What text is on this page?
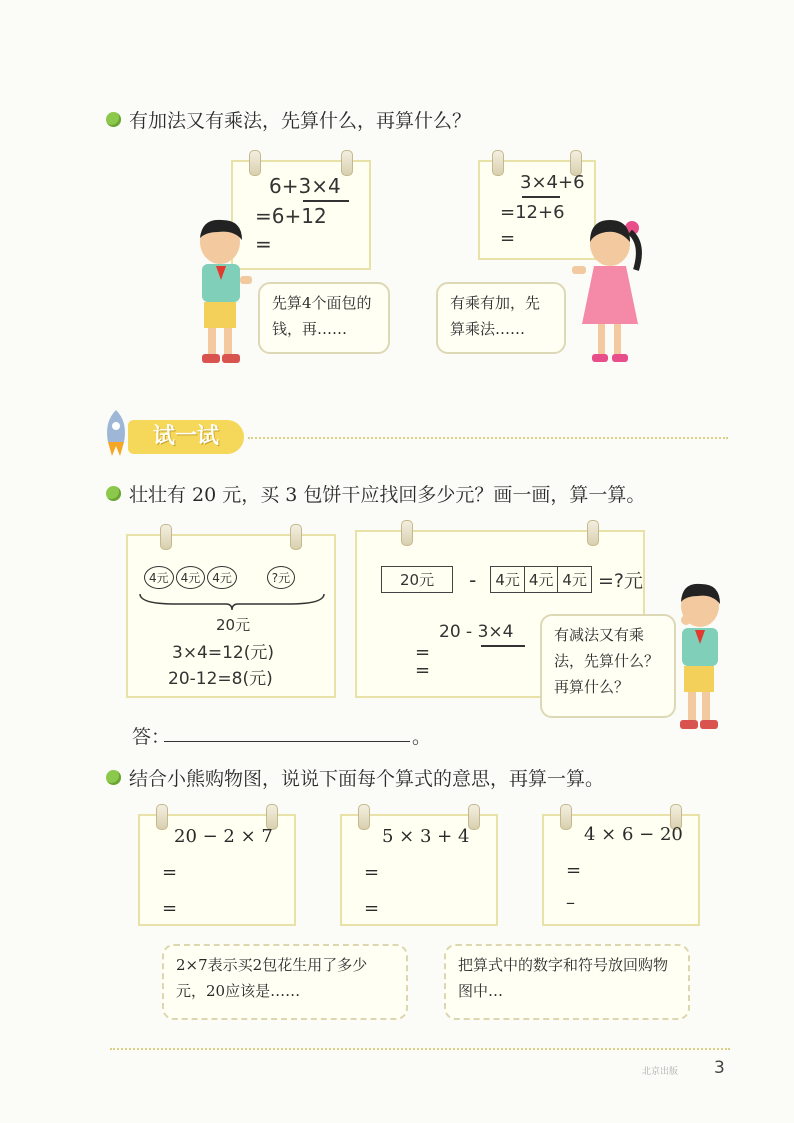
有加法又有乘法，先算什么，再算什么？
6+3×4
=6+12
=
3×4+6
=12+6
=
先算4个面包的钱，再……
有乘有加，先算乘法……
试一试
壮壮有 20 元，买 3 包饼干应找回多少元？画一画，算一算。
4元 4元 4元	?元
20元
3×4=12(元)
20-12=8(元)
20元	-	4元 4元 4元 =?元
20 - 3×4
=
=
有减法又有乘法，先算什么？再算什么？
答：	。
结合小熊购物图，说说下面每个算式的意思，再算一算。
20 − 2 × 7
=
=
5 × 3 + 4
=
=
4 × 6 − 20
=
–
2×7表示买2包花生用了多少元，20应该是……
把算式中的数字和符号放回购物图中…
北京出版 3
